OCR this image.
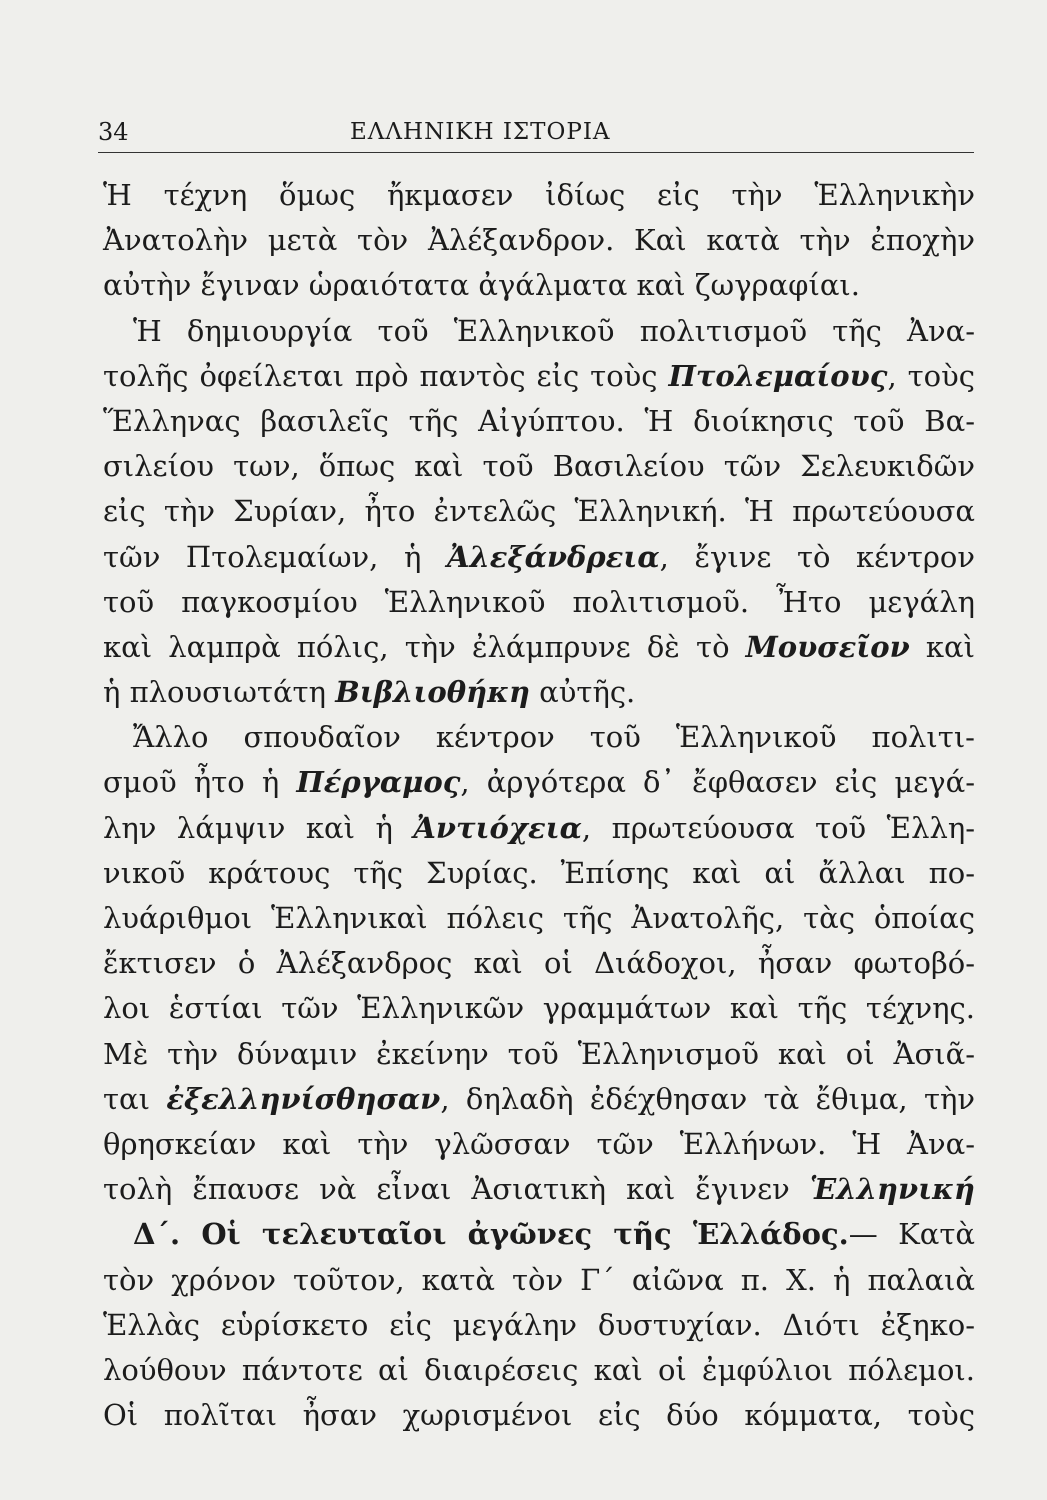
34	ΕΛΛΗΝΙΚΗ ΙΣΤΟΡΙΑ
Ἡ τέχνη ὅμως ἤκμασεν ἰδίως εἰς τὴν Ἑλληνικὴν
Ἀνατολὴν μετὰ τὸν Ἀλέξανδρον. Καὶ κατὰ τὴν ἐποχὴν
αὐτὴν ἔγιναν ὡραιότατα ἀγάλματα καὶ ζωγραφίαι.
Ἡ δημιουργία τοῦ Ἑλληνικοῦ πολιτισμοῦ τῆς Ἀνα-
τολῆς ὀφείλεται πρὸ παντὸς εἰς τοὺς Πτολεμαίους, τοὺς
Ἕλληνας βασιλεῖς τῆς Αἰγύπτου. Ἡ διοίκησις τοῦ Βα-
σιλείου των, ὅπως καὶ τοῦ Βασιλείου τῶν Σελευκιδῶν
εἰς τὴν Συρίαν, ἦτο ἐντελῶς Ἑλληνική. Ἡ πρωτεύουσα
τῶν Πτολεμαίων, ἡ Ἀλεξάνδρεια, ἔγινε τὸ κέντρον
τοῦ παγκοσμίου Ἑλληνικοῦ πολιτισμοῦ. Ἦτο μεγάλη
καὶ λαμπρὰ πόλις, τὴν ἐλάμπρυνε δὲ τὸ Μουσεῖον καὶ
ἡ πλουσιωτάτη Βιβλιοθήκη αὐτῆς.
Ἄλλο σπουδαῖον κέντρον τοῦ Ἑλληνικοῦ πολιτι-
σμοῦ ἦτο ἡ Πέργαμος, ἀργότερα δ᾽ ἔφθασεν εἰς μεγά-
λην λάμψιν καὶ ἡ Ἀντιόχεια, πρωτεύουσα τοῦ Ἑλλη-
νικοῦ κράτους τῆς Συρίας. Ἐπίσης καὶ αἱ ἄλλαι πο-
λυάριθμοι Ἑλληνικαὶ πόλεις τῆς Ἀνατολῆς, τὰς ὁποίας
ἔκτισεν ὁ Ἀλέξανδρος καὶ οἱ Διάδοχοι, ἦσαν φωτοβό-
λοι ἑστίαι τῶν Ἑλληνικῶν γραμμάτων καὶ τῆς τέχνης.
Μὲ τὴν δύναμιν ἐκείνην τοῦ Ἑλληνισμοῦ καὶ οἱ Ἀσιᾶ-
ται ἐξελληνίσθησαν, δηλαδὴ ἐδέχθησαν τὰ ἔθιμα, τὴν
θρησκείαν καὶ τὴν γλῶσσαν τῶν Ἑλλήνων. Ἡ Ἀνα-
τολὴ ἔπαυσε νὰ εἶναι Ἀσιατικὴ καὶ ἔγινεν Ἑλληνική
Δ΄. Οἱ τελευταῖοι ἀγῶνες τῆς Ἑλλάδος.— Κατὰ
τὸν χρόνον τοῦτον, κατὰ τὸν Γ΄ αἰῶνα π. Χ. ἡ παλαιὰ
Ἑλλὰς εὑρίσκετο εἰς μεγάλην δυστυχίαν. Διότι ἐξηκο-
λούθουν πάντοτε αἱ διαιρέσεις καὶ οἱ ἐμφύλιοι πόλεμοι.
Οἱ πολῖται ἦσαν χωρισμένοι εἰς δύο κόμματα, τοὺς
